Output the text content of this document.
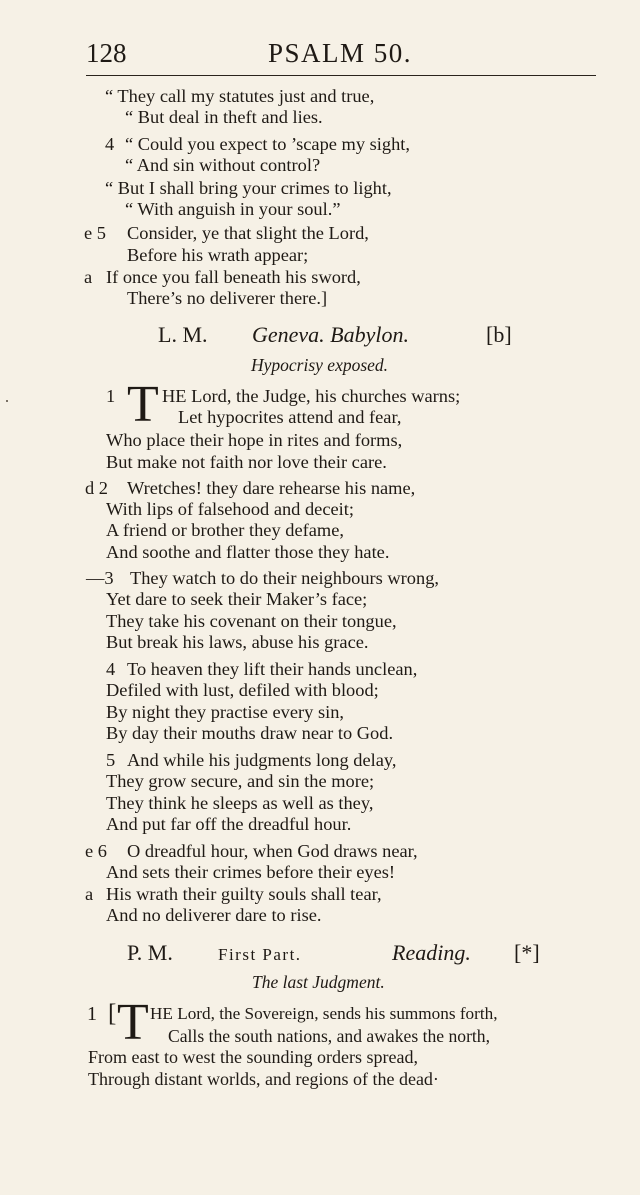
128	PSALM 50.
“ They call my statutes just and true,
“ But deal in theft and lies.
4 “ Could you expect to ’scape my sight,
“ And sin without control?
“ But I shall bring your crimes to light,
“ With anguish in your soul.”
e 5 Consider, ye that slight the Lord,
Before his wrath appear;
a If once you fall beneath his sword,
There’s no deliverer there.]
L. M. Geneva. Babylon.	[b]
Hypocrisy exposed.
1 T HE Lord, the Judge, his churches warns;
Let hypocrites attend and fear,
Who place their hope in rites and forms,
But make not faith nor love their care.
d 2 Wretches! they dare rehearse his name,
With lips of falsehood and deceit;
A friend or brother they defame,
And soothe and flatter those they hate.
—3 They watch to do their neighbours wrong,
Yet dare to seek their Maker’s face;
They take his covenant on their tongue,
But break his laws, abuse his grace.
4 To heaven they lift their hands unclean,
Defiled with lust, defiled with blood;
By night they practise every sin,
By day their mouths draw near to God.
5 And while his judgments long delay,
They grow secure, and sin the more;
They think he sleeps as well as they,
And put far off the dreadful hour.
e 6 O dreadful hour, when God draws near,
And sets their crimes before their eyes!
a His wrath their guilty souls shall tear,
And no deliverer dare to rise.
P. M.	First Part.	Reading. [*]
The last Judgment.
1 [ T HE Lord, the Sovereign, sends his summons forth,
Calls the south nations, and awakes the north,
From east to west the sounding orders spread,
Through distant worlds, and regions of the dead·
